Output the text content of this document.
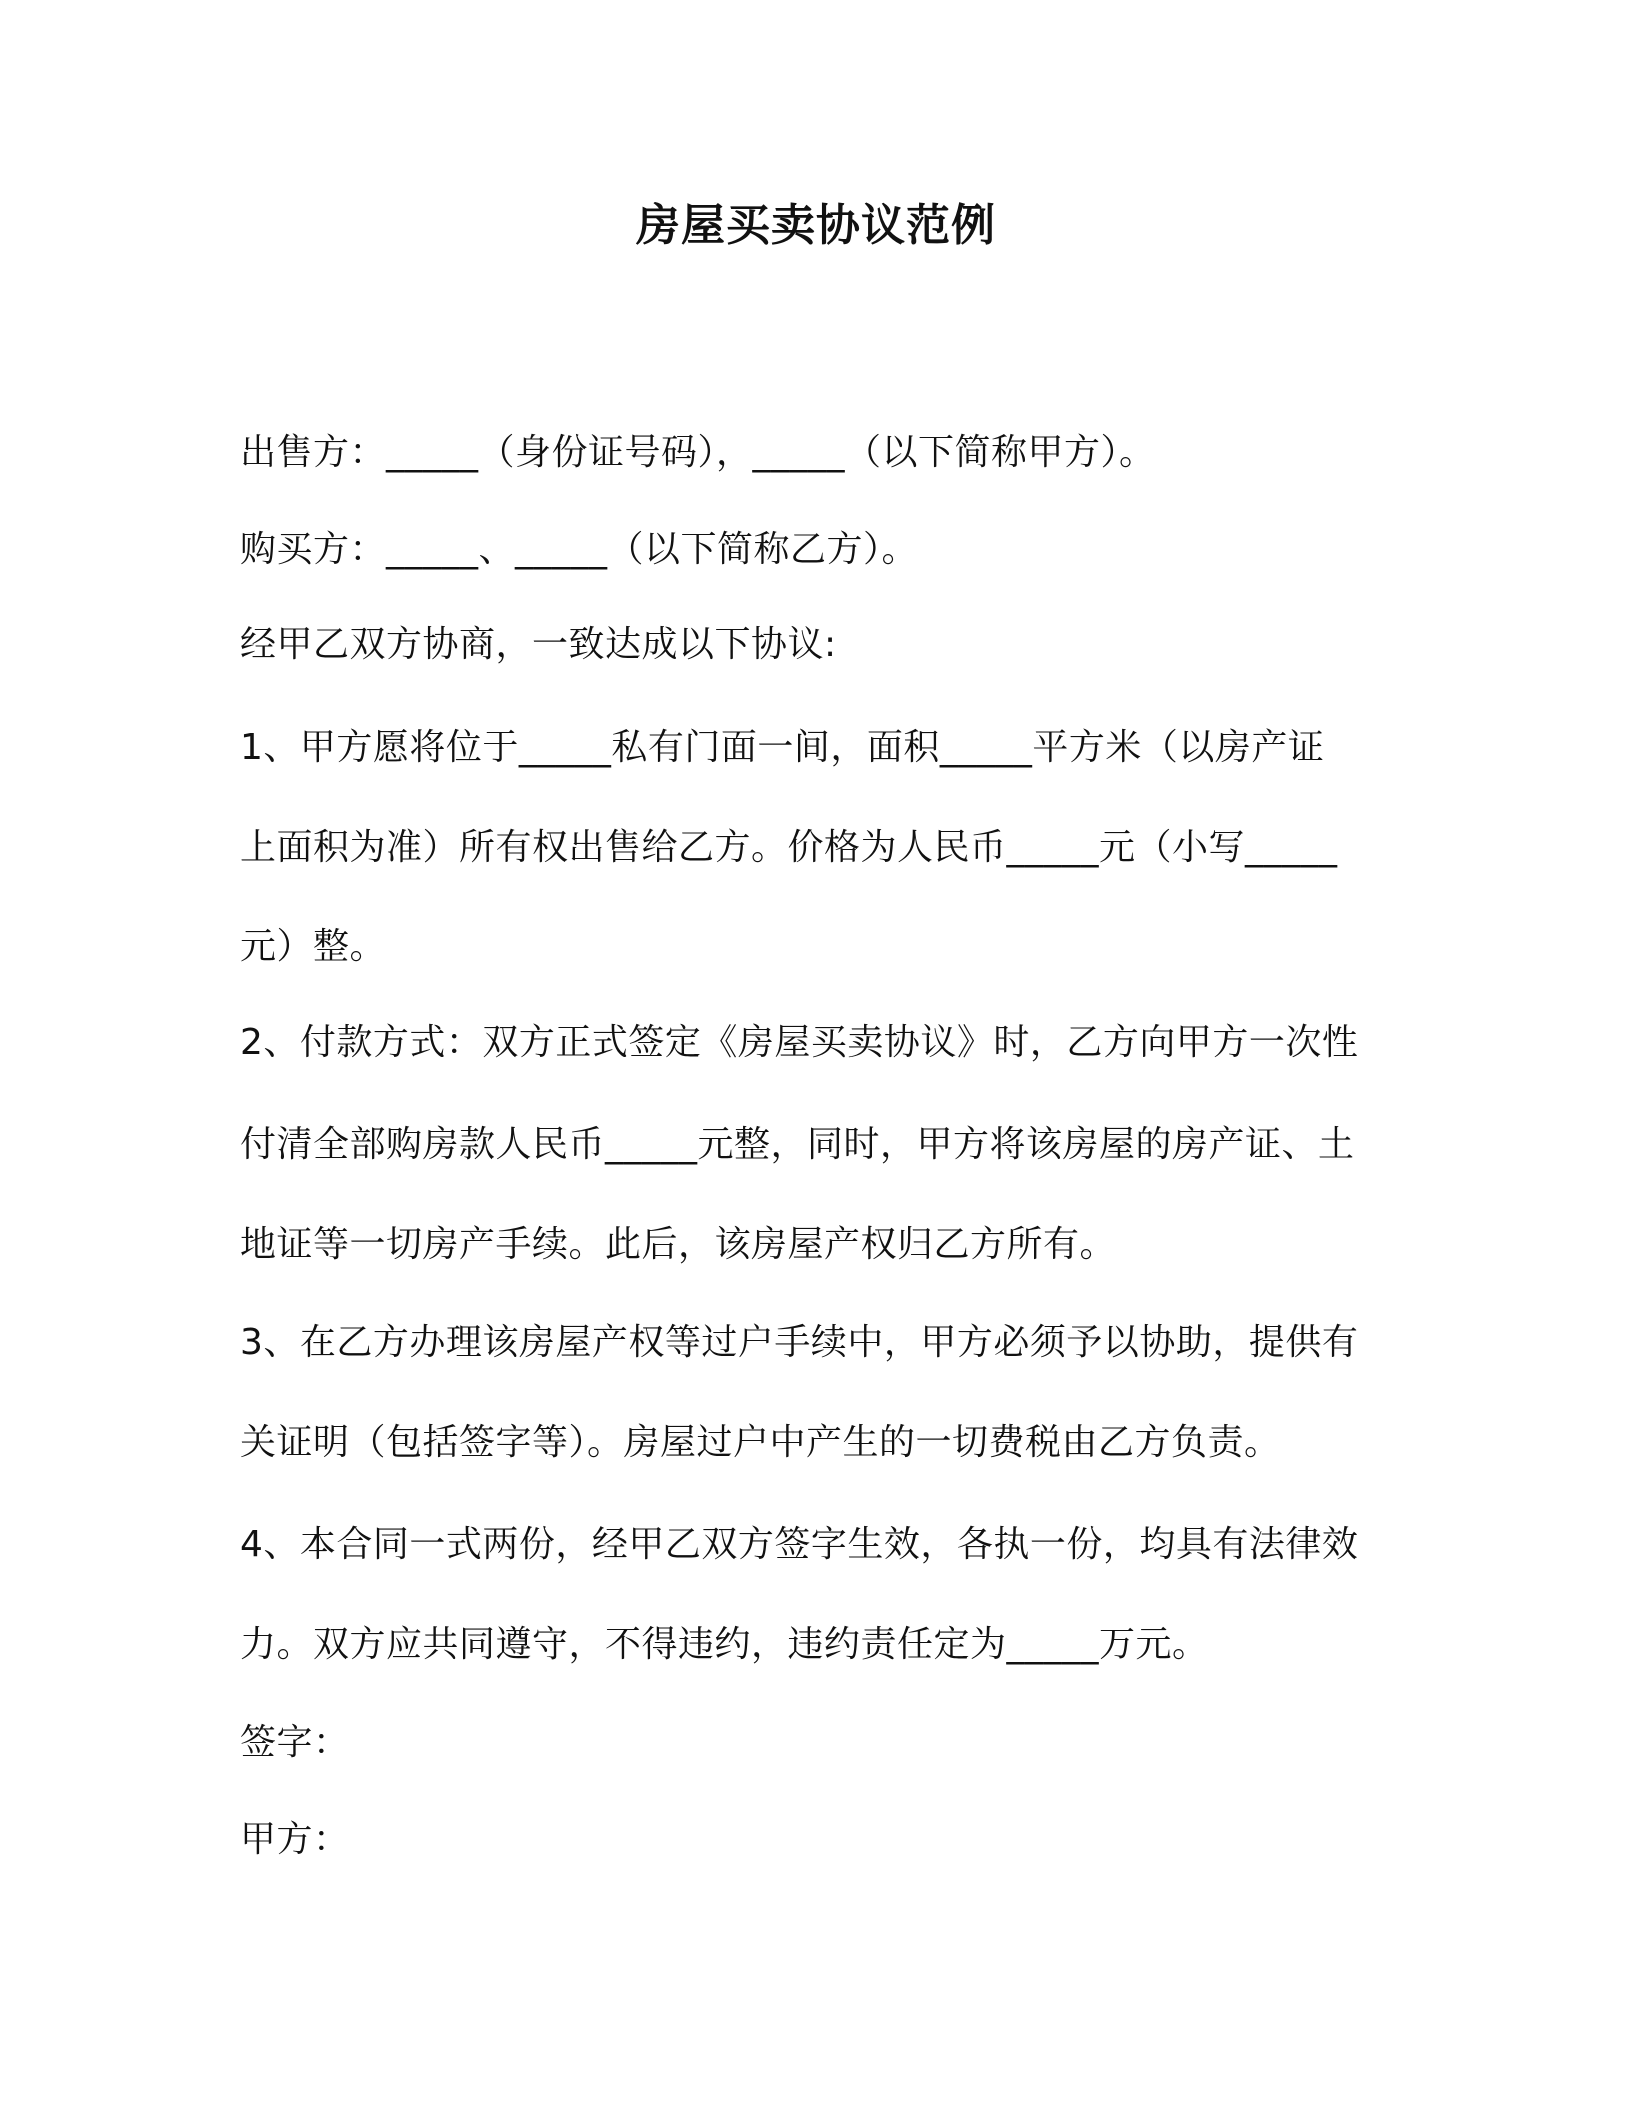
房屋买卖协议范例
出售方：_____（身份证号码），_____（以下简称甲方）。
购买方：_____、_____（以下简称乙方）。
经甲乙双方协商，一致达成以下协议:
1、甲方愿将位于_____私有门面一间，面积_____平方米（以房产证
上面积为准）所有权出售给乙方。价格为人民币_____元（小写_____
元）整。
2、付款方式：双方正式签定《房屋买卖协议》时，乙方向甲方一次性
付清全部购房款人民币_____元整，同时，甲方将该房屋的房产证、土
地证等一切房产手续。此后，该房屋产权归乙方所有。
3、在乙方办理该房屋产权等过户手续中，甲方必须予以协助，提供有
关证明（包括签字等）。房屋过户中产生的一切费税由乙方负责。
4、本合同一式两份，经甲乙双方签字生效，各执一份，均具有法律效
力。双方应共同遵守，不得违约，违约责任定为_____万元。
签字：
甲方：
